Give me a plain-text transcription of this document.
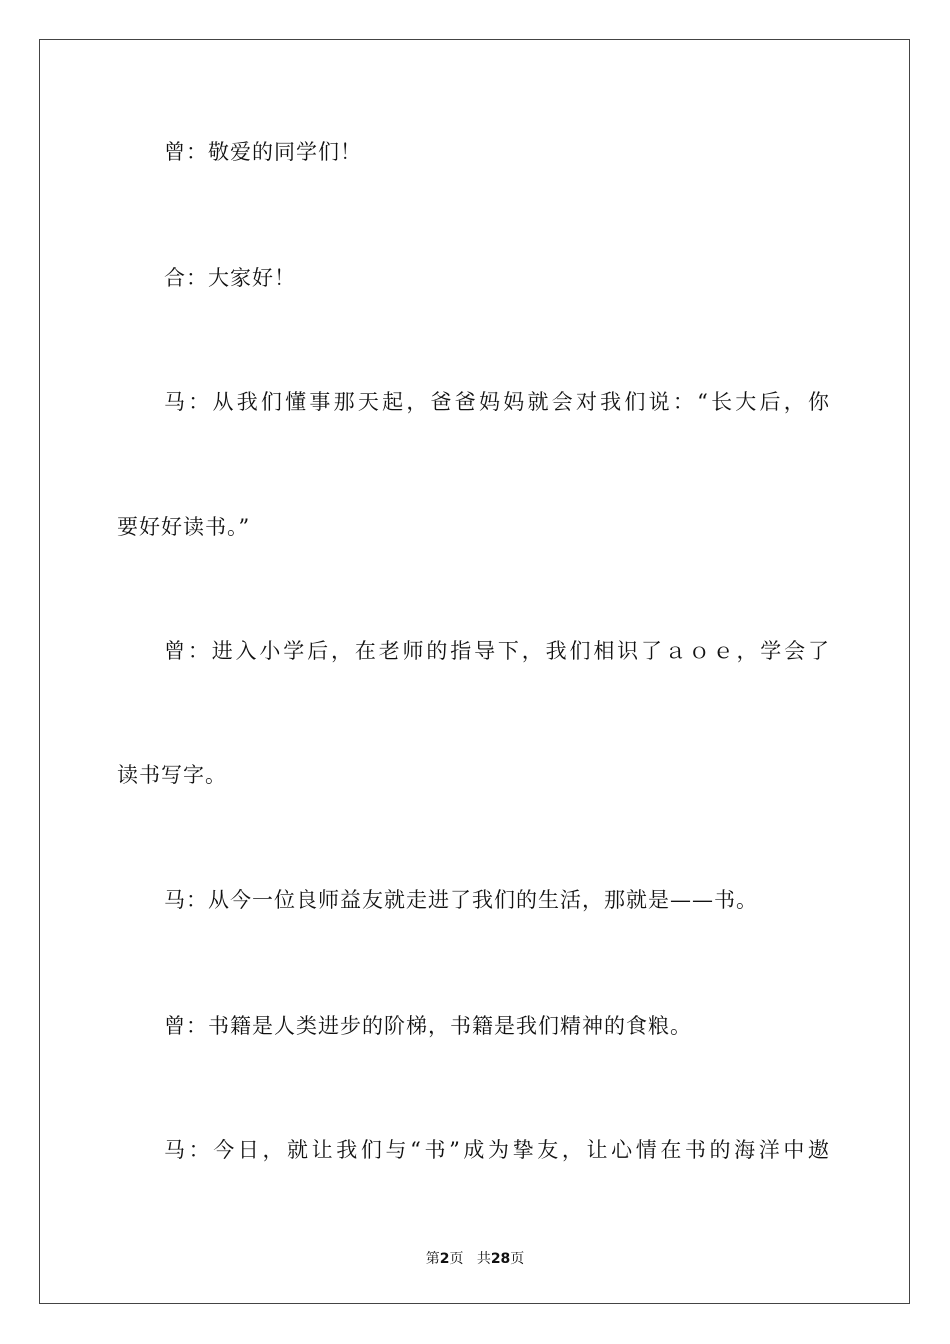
曾：敬爱的同学们！
合：大家好！
马：从我们懂事那天起，爸爸妈妈就会对我们说：“长大后，你
要好好读书。”
曾：进入小学后，在老师的指导下，我们相识了ａｏｅ，学会了
读书写字。
马：从今一位良师益友就走进了我们的生活，那就是——书。
曾：书籍是人类进步的阶梯，书籍是我们精神的食粮。
马：今日，就让我们与“书”成为挚友，让心情在书的海洋中遨
第2页 共28页
